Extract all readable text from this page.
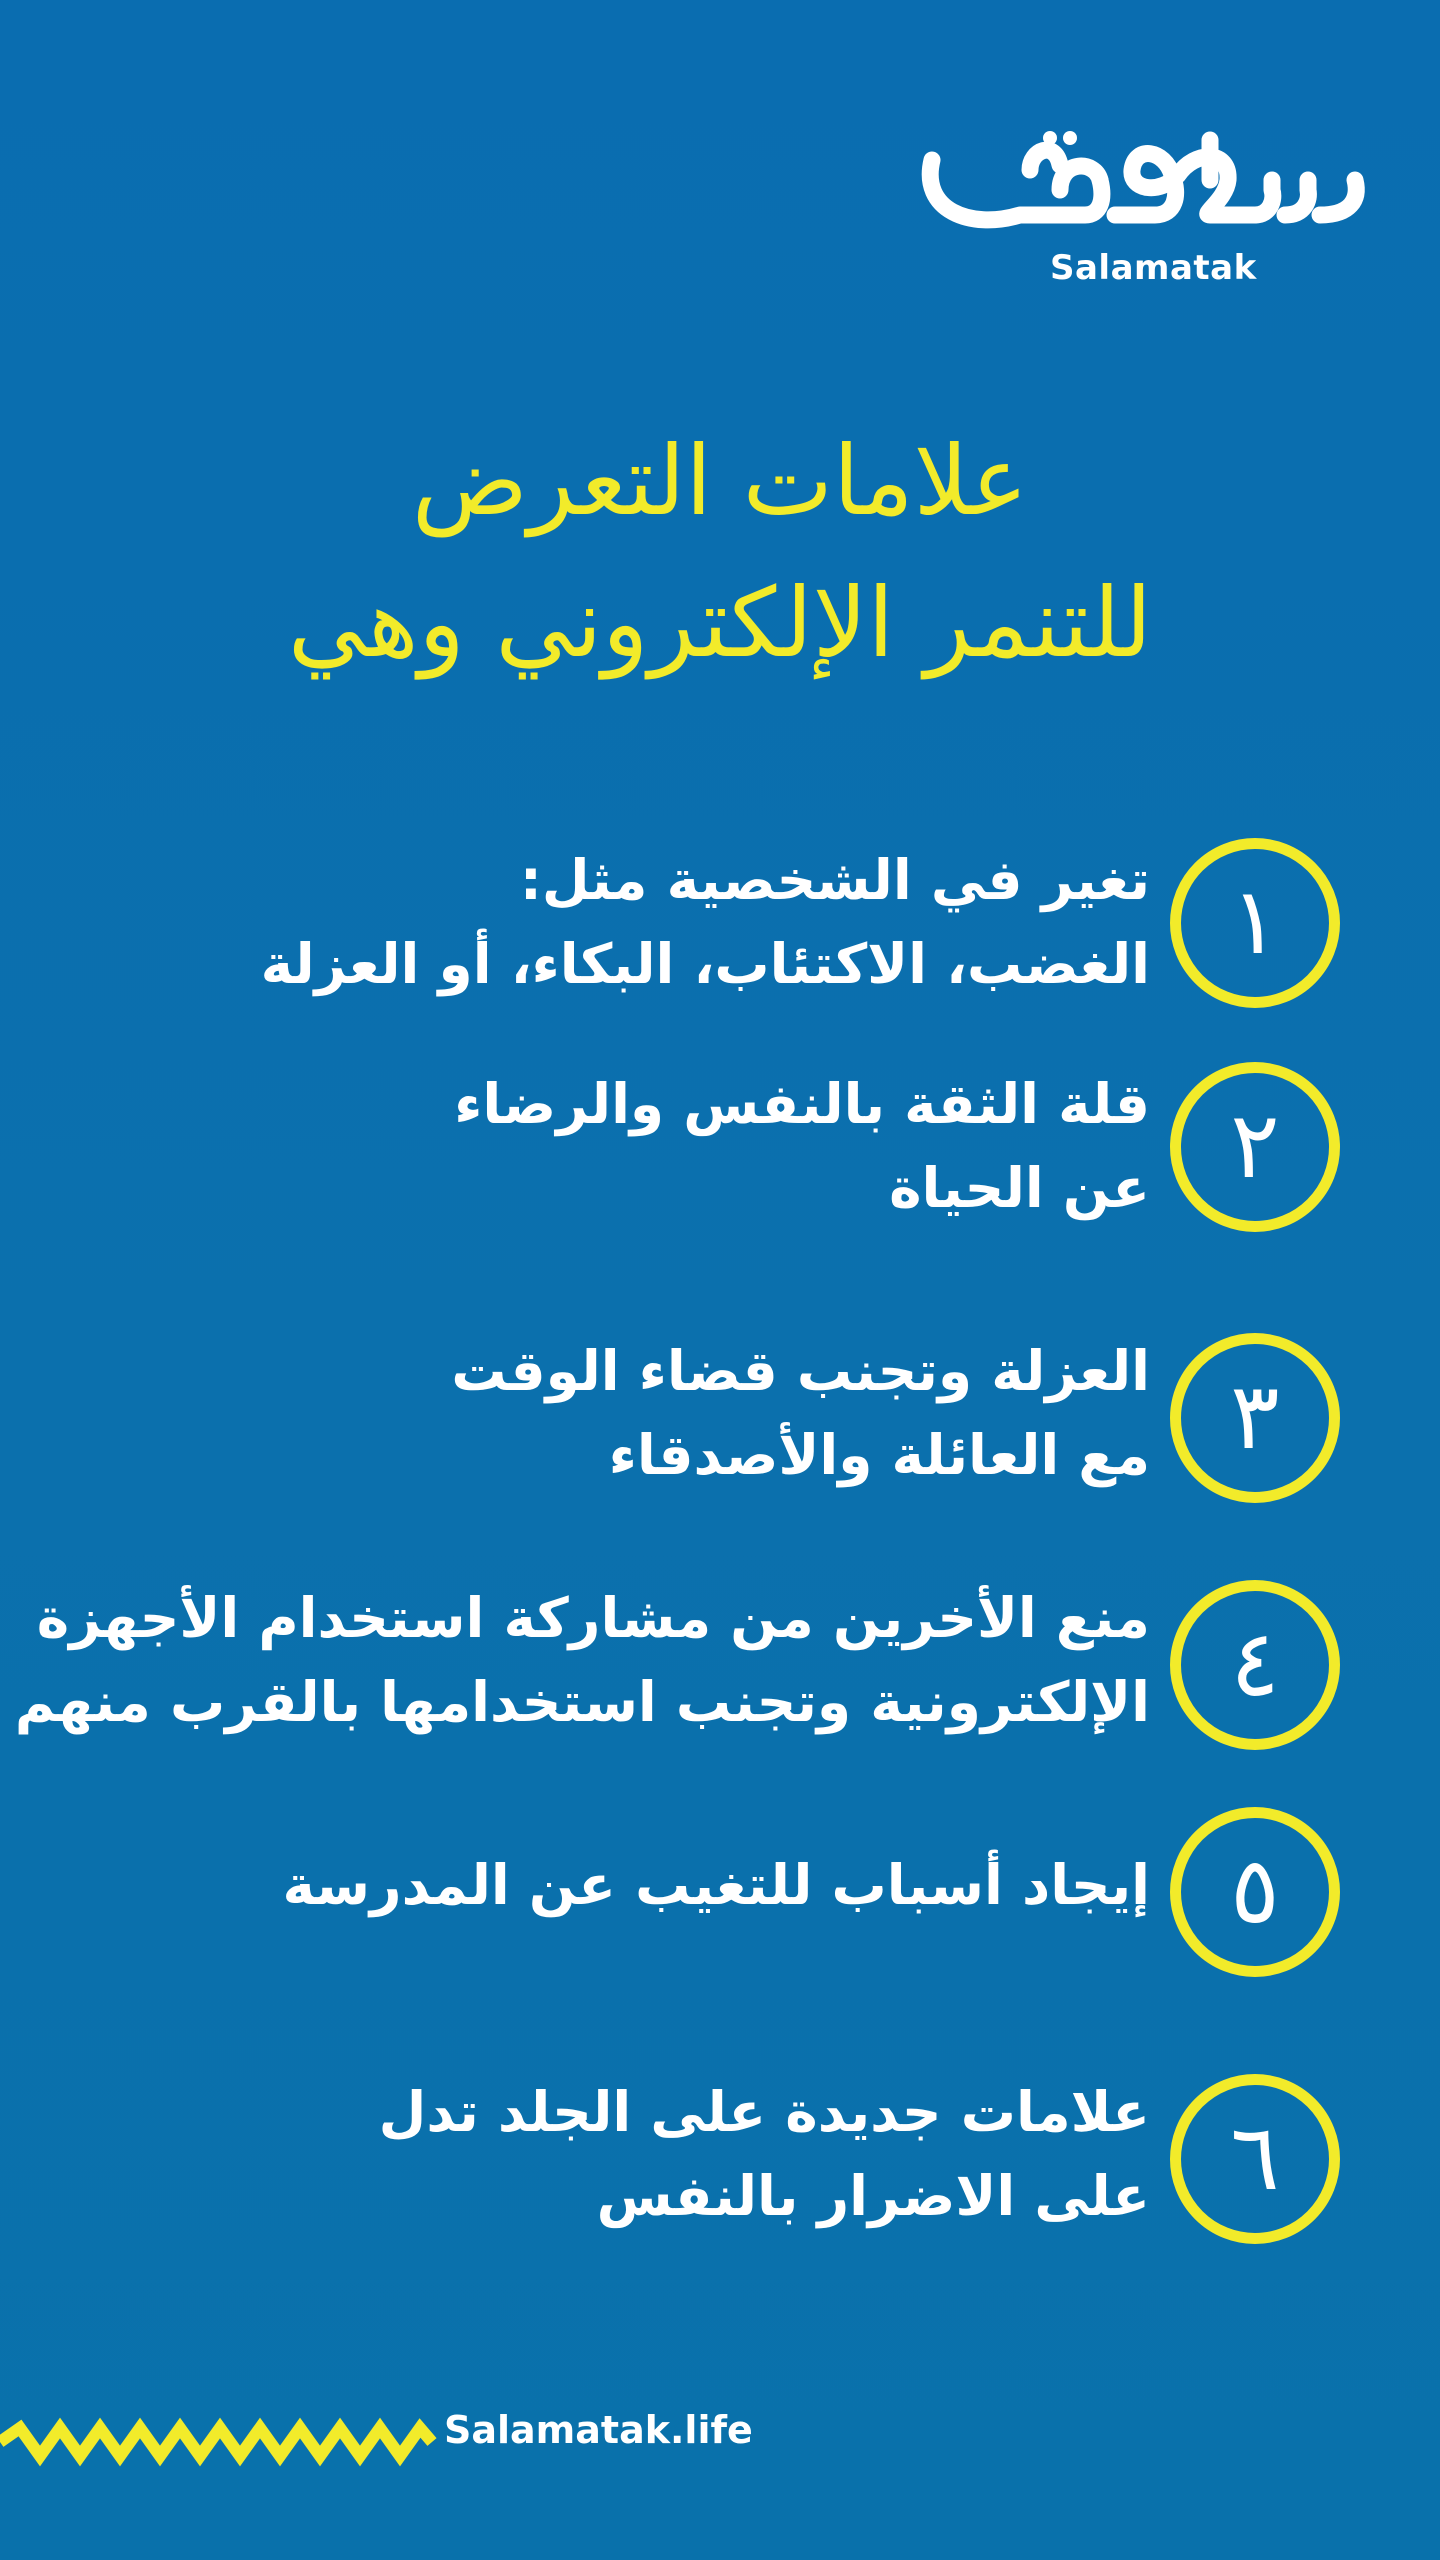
Salamatak
علامات التعرض
للتنمر الإلكتروني وهي
١
تغير في الشخصية مثل:
الغضب، الاكتئاب، البكاء، أو العزلة
٢
قلة الثقة بالنفس والرضاء
عن الحياة
٣
العزلة وتجنب قضاء الوقت
مع العائلة والأصدقاء
٤
منع الأخرين من مشاركة استخدام الأجهزة
الإلكترونية وتجنب استخدامها بالقرب منهم
٥
إيجاد أسباب للتغيب عن المدرسة
٦
علامات جديدة على الجلد تدل
على الاضرار بالنفس
Salamatak.life
